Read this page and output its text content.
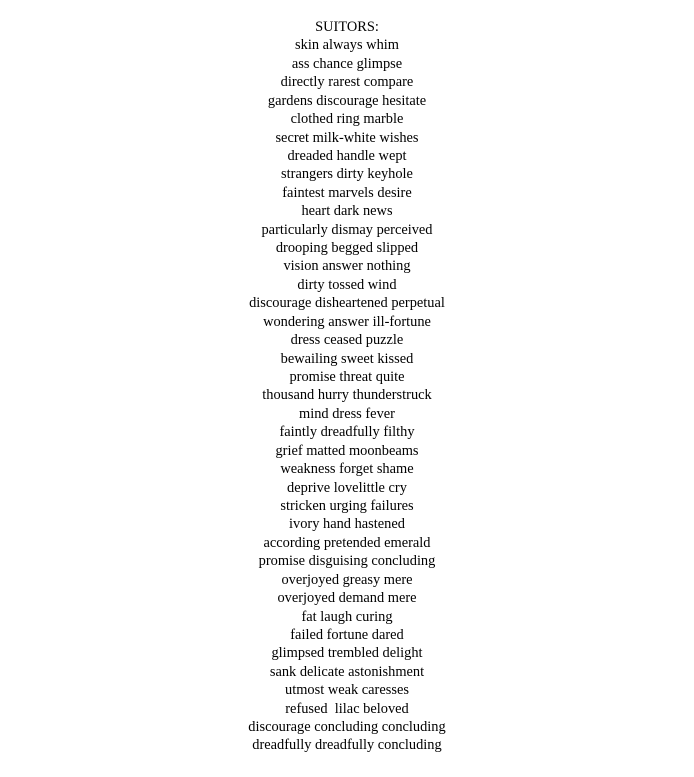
SUITORS:
skin always whim
ass chance glimpse
directly rarest compare
gardens discourage hesitate
clothed ring marble
secret milk-white wishes
dreaded handle wept
strangers dirty keyhole
faintest marvels desire
heart dark news
particularly dismay perceived
drooping begged slipped
vision answer nothing
dirty tossed wind
discourage disheartened perpetual
wondering answer ill-fortune
dress ceased puzzle
bewailing sweet kissed
promise threat quite
thousand hurry thunderstruck
mind dress fever
faintly dreadfully filthy
grief matted moonbeams
weakness forget shame
deprive lovelittle cry
stricken urging failures
ivory hand hastened
according pretended emerald
promise disguising concluding
overjoyed greasy mere
overjoyed demand mere
fat laugh curing
failed fortune dared
glimpsed trembled delight
sank delicate astonishment
utmost weak caresses
refused  lilac beloved
discourage concluding concluding
dreadfully dreadfully concluding
